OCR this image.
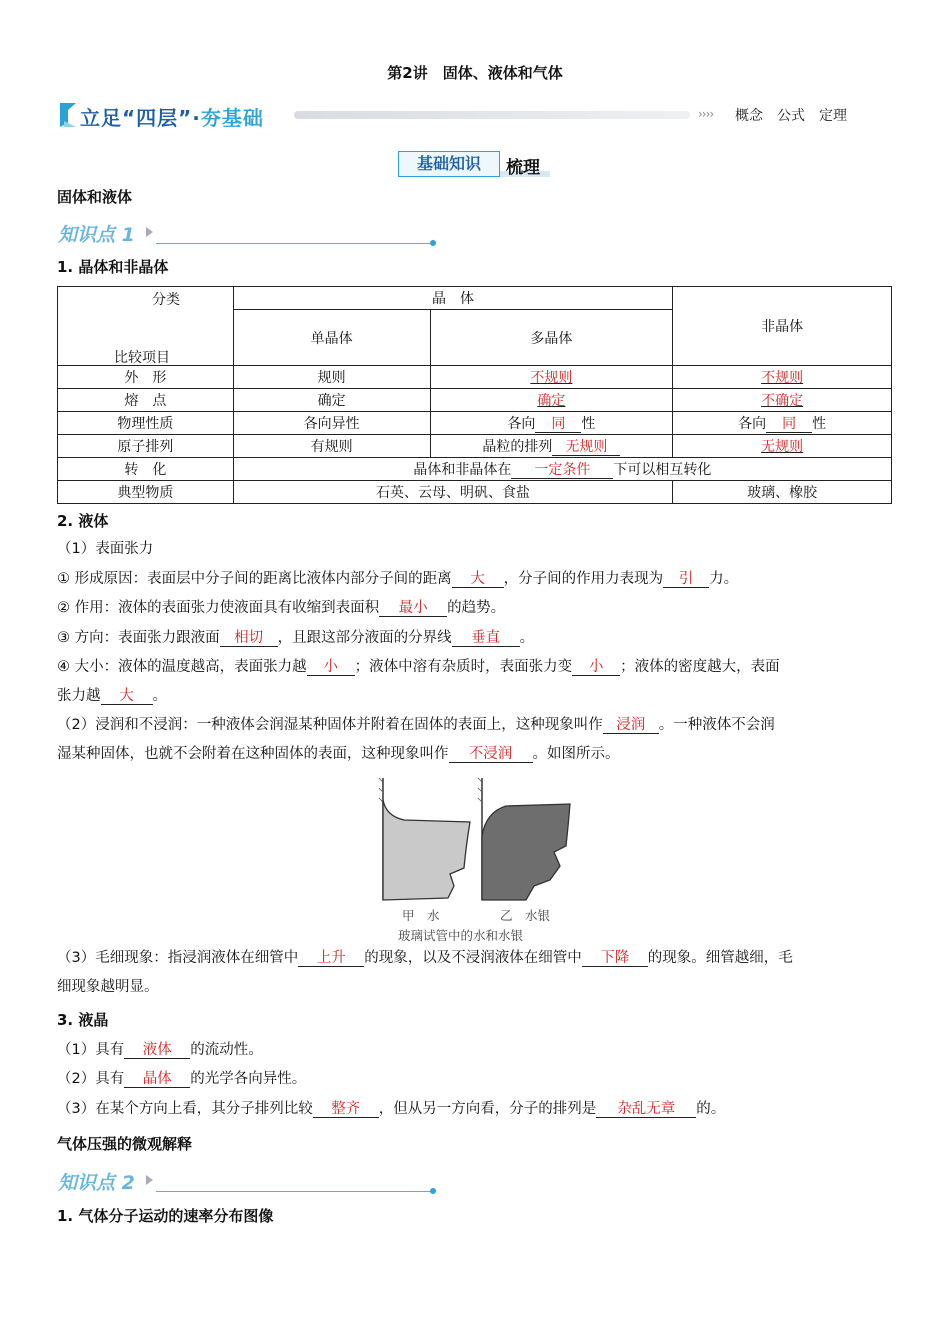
第2讲　固体、液体和气体
立足“四层”·夯基础	›››› 概念　公式　定理
基础知识	梳理
固体和液体
知识点 1
1. 晶体和非晶体
分类
比较项目	晶　体		非晶体
	单晶体	多晶体	
外　形	规则	不规则	不规则
熔　点	确定	确定	不确定
物理性质	各向异性	各向 同 性	各向 同 性
原子排列	有规则	晶粒的排列 无规则	无规则
转　化	晶体和非晶体在 一定条件 下可以相互转化		
典型物质	石英、云母、明矾、食盐		玻璃、橡胶
2. 液体
（1）表面张力
① 形成原因：表面层中分子间的距离比液体内部分子间的距离 大 ，分子间的作用力表现为 引 力。
② 作用：液体的表面张力使液面具有收缩到表面积 最小 的趋势。
③ 方向：表面张力跟液面 相切 ，且跟这部分液面的分界线 垂直 。
④ 大小：液体的温度越高，表面张力越 小 ；液体中溶有杂质时，表面张力变 小 ；液体的密度越大，表面
张力越 大 。
（2）浸润和不浸润：一种液体会润湿某种固体并附着在固体的表面上，这种现象叫作 浸润 。一种液体不会润
湿某种固体，也就不会附着在这种固体的表面，这种现象叫作 不浸润 。如图所示。
甲　水	乙　水银
玻璃试管中的水和水银
（3）毛细现象：指浸润液体在细管中 上升 的现象，以及不浸润液体在细管中 下降 的现象。细管越细，毛
细现象越明显。
3. 液晶
（1）具有 液体 的流动性。
（2）具有 晶体 的光学各向异性。
（3）在某个方向上看，其分子排列比较 整齐 ，但从另一方向看，分子的排列是 杂乱无章 的。
气体压强的微观解释
知识点 2
1. 气体分子运动的速率分布图像
